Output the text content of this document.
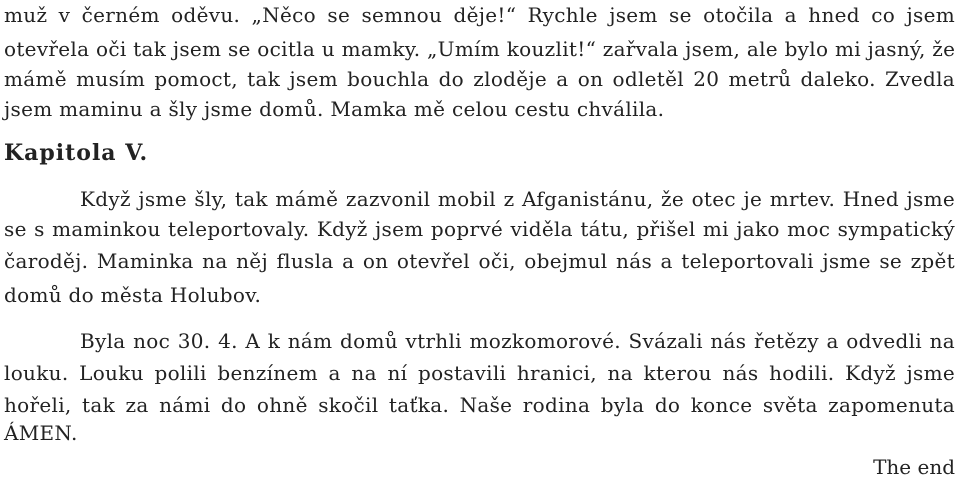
muž v černém oděvu. „Něco se semnou děje!“ Rychle jsem se otočila a hned co jsem
otevřela oči tak jsem se ocitla u mamky. „Umím kouzlit!“ zařvala jsem, ale bylo mi jasný, že
mámě musím pomoct, tak jsem bouchla do zloděje a on odletěl 20 metrů daleko. Zvedla
jsem maminu a šly jsme domů. Mamka mě celou cestu chválila.
Kapitola V.
Když jsme šly, tak mámě zazvonil mobil z Afganistánu, že otec je mrtev. Hned jsme
se s maminkou teleportovaly. Když jsem poprvé viděla tátu, přišel mi jako moc sympatický
čaroděj. Maminka na něj flusla a on otevřel oči, obejmul nás a teleportovali jsme se zpět
domů do města Holubov.
Byla noc 30. 4. A k nám domů vtrhli mozkomorové. Svázali nás řetězy a odvedli na
louku. Louku polili benzínem a na ní postavili hranici, na kterou nás hodili. Když jsme
hořeli, tak za námi do ohně skočil taťka. Naše rodina byla do konce světa zapomenuta
ÁMEN.
The end
